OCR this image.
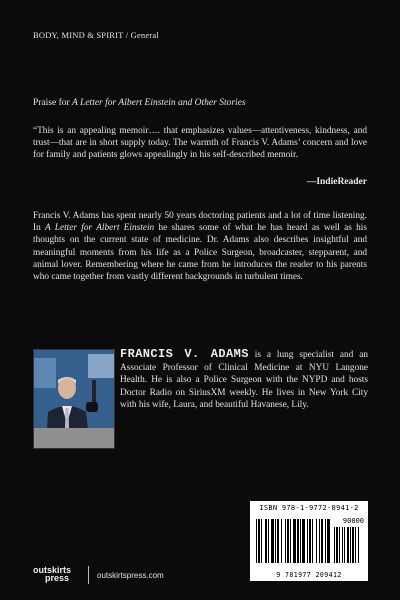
BODY, MIND & SPIRIT / General
Praise for A Letter for Albert Einstein and Other Stories
“This is an appealing memoir…. that emphasizes values—attentiveness, kindness, and trust—that are in short supply today. The warmth of Francis V. Adams’ concern and love for family and patients glows appealingly in his self-described memoir.
—IndieReader
Francis V. Adams has spent nearly 50 years doctoring patients and a lot of time listening. In A Letter for Albert Einstein he shares some of what he has heard as well as his thoughts on the current state of medicine. Dr. Adams also describes insightful and meaningful moments from his life as a Police Surgeon, broadcaster, stepparent, and animal lover. Remembering where he came from he introduces the reader to his parents who came together from vastly different backgrounds in turbulent times.
FRANCIS V. ADAMS is a lung specialist and an Associate Professor of Clinical Medicine at NYU Langone Health. He is also a Police Surgeon with the NYPD and hosts Doctor Radio on SiriusXM weekly. He lives in New York City with his wife, Laura, and beautiful Havanese, Lily.
ISBN 978-1-9772-0941-2
90000
9 781977 209412
outskirts
press	outskirtspress.com
